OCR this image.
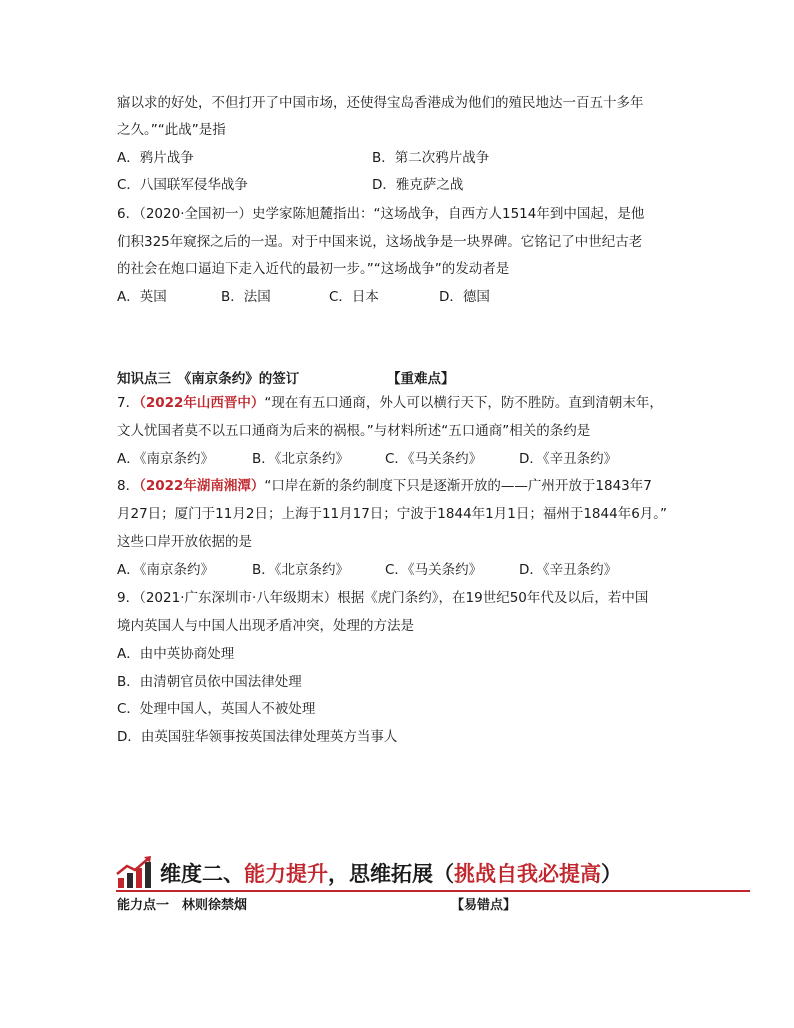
寤以求的好处，不但打开了中国市场，还使得宝岛香港成为他们的殖民地达一百五十多年
之久。”“此战”是指
A．鸦片战争	B．第二次鸦片战争
C．八国联军侵华战争	D．雅克萨之战
6．（2020·全国初一）史学家陈旭麓指出：“这场战争，自西方人1514年到中国起，是他
们积325年窥探之后的一逞。对于中国来说，这场战争是一块界碑。它铭记了中世纪古老
的社会在炮口逼迫下走入近代的最初一步。”“这场战争”的发动者是
A．英国	B．法国	C．日本	D．德国
知识点三　《南京条约》的签订	【重难点】
7．（2022年山西晋中）“现在有五口通商，外人可以横行天下，防不胜防。直到清朝末年，
文人忧国者莫不以五口通商为后来的祸根。”与材料所述“五口通商”相关的条约是
A．《南京条约》	B．《北京条约》	C．《马关条约》	D．《辛丑条约》
8．（2022年湖南湘潭）“口岸在新的条约制度下只是逐渐开放的——广州开放于1843年7
月27日；厦门于11月2日；上海于11月17日；宁波于1844年1月1日；福州于1844年6月。”
这些口岸开放依据的是
A．《南京条约》	B．《北京条约》	C．《马关条约》	D．《辛丑条约》
9．（2021·广东深圳市·八年级期末）根据《虎门条约》，在19世纪50年代及以后，若中国
境内英国人与中国人出现矛盾冲突，处理的方法是
A．由中英协商处理
B．由清朝官员依中国法律处理
C．处理中国人，英国人不被处理
D．由英国驻华领事按英国法律处理英方当事人
维度二、能力提升，思维拓展（挑战自我必提高）
能力点一　林则徐禁烟	【易错点】
